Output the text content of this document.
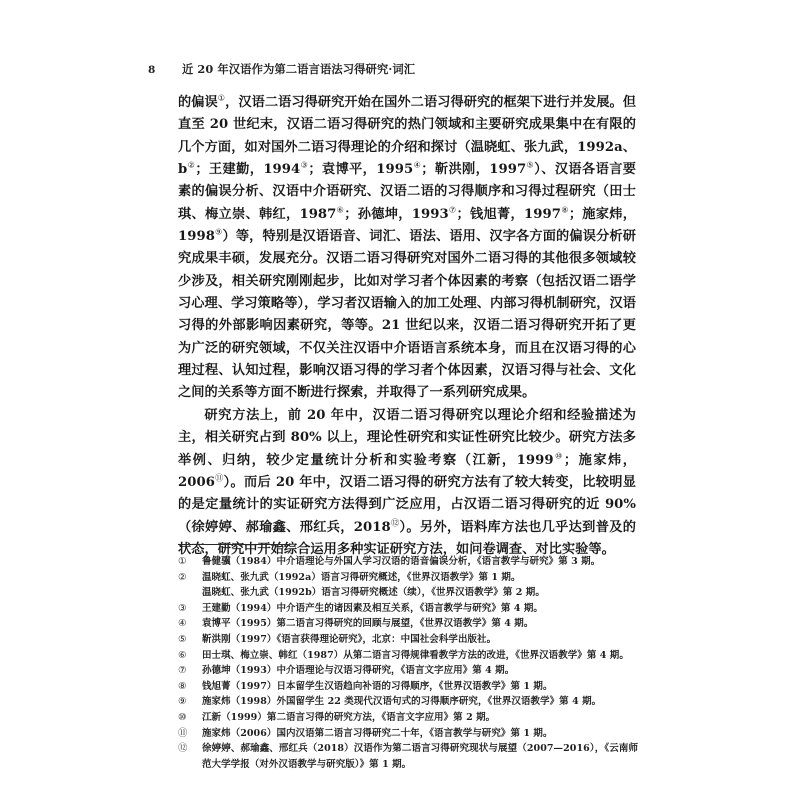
8	近 20 年汉语作为第二语言语法习得研究·词汇
的偏误①，汉语二语习得研究开始在国外二语习得研究的框架下进行并发展。但直至 20 世纪末，汉语二语习得研究的热门领域和主要研究成果集中在有限的几个方面，如对国外二语习得理论的介绍和探讨（温晓虹、张九武，1992a、b②；王建勤，1994③；袁博平，1995④；靳洪刚，1997⑤）、汉语各语言要素的偏误分析、汉语中介语研究、汉语二语的习得顺序和习得过程研究（田士琪、梅立崇、韩红，1987⑥；孙德坤，1993⑦；钱旭菁，1997⑧；施家炜，1998⑨）等，特别是汉语语音、词汇、语法、语用、汉字各方面的偏误分析研究成果丰硕，发展充分。汉语二语习得研究对国外二语习得的其他很多领域较少涉及，相关研究刚刚起步，比如对学习者个体因素的考察（包括汉语二语学习心理、学习策略等），学习者汉语输入的加工处理、内部习得机制研究，汉语习得的外部影响因素研究，等等。21 世纪以来，汉语二语习得研究开拓了更为广泛的研究领域，不仅关注汉语中介语语言系统本身，而且在汉语习得的心理过程、认知过程，影响汉语习得的学习者个体因素，汉语习得与社会、文化之间的关系等方面不断进行探索，并取得了一系列研究成果。
研究方法上，前 20 年中，汉语二语习得研究以理论介绍和经验描述为主，相关研究占到 80% 以上，理论性研究和实证性研究比较少。研究方法多举例、归纳，较少定量统计分析和实验考察（江新，1999⑩；施家炜，2006⑪）。而后 20 年中，汉语二语习得的研究方法有了较大转变，比较明显的是定量统计的实证研究方法得到广泛应用，占汉语二语习得研究的近 90%（徐婷婷、郝瑜鑫、邢红兵，2018⑫）。另外，语料库方法也几乎达到普及的状态，研究中开始综合运用多种实证研究方法，如问卷调查、对比实验等。
①	鲁健骥（1984）中介语理论与外国人学习汉语的语音偏误分析，《语言教学与研究》第 3 期。
②	温晓虹、张九武（1992a）语言习得研究概述，《世界汉语教学》第 1 期。
温晓虹、张九武（1992b）语言习得研究概述（续），《世界汉语教学》第 2 期。
③	王建勤（1994）中介语产生的诸因素及相互关系，《语言教学与研究》第 4 期。
④	袁博平（1995）第二语言习得研究的回顾与展望，《世界汉语教学》第 4 期。
⑤	靳洪刚（1997）《语言获得理论研究》，北京：中国社会科学出版社。
⑥	田士琪、梅立崇、韩红（1987）从第二语言习得规律看教学方法的改进，《世界汉语教学》第 4 期。
⑦	孙德坤（1993）中介语理论与汉语习得研究，《语言文字应用》第 4 期。
⑧	钱旭菁（1997）日本留学生汉语趋向补语的习得顺序，《世界汉语教学》第 1 期。
⑨	施家炜（1998）外国留学生 22 类现代汉语句式的习得顺序研究，《世界汉语教学》第 4 期。
⑩	江新（1999）第二语言习得的研究方法，《语言文字应用》第 2 期。
⑪	施家炜（2006）国内汉语第二语言习得研究二十年，《语言教学与研究》第 1 期。
⑫	徐婷婷、郝瑜鑫、邢红兵（2018）汉语作为第二语言习得研究现状与展望（2007—2016），《云南师范大学学报（对外汉语教学与研究版）》第 1 期。
